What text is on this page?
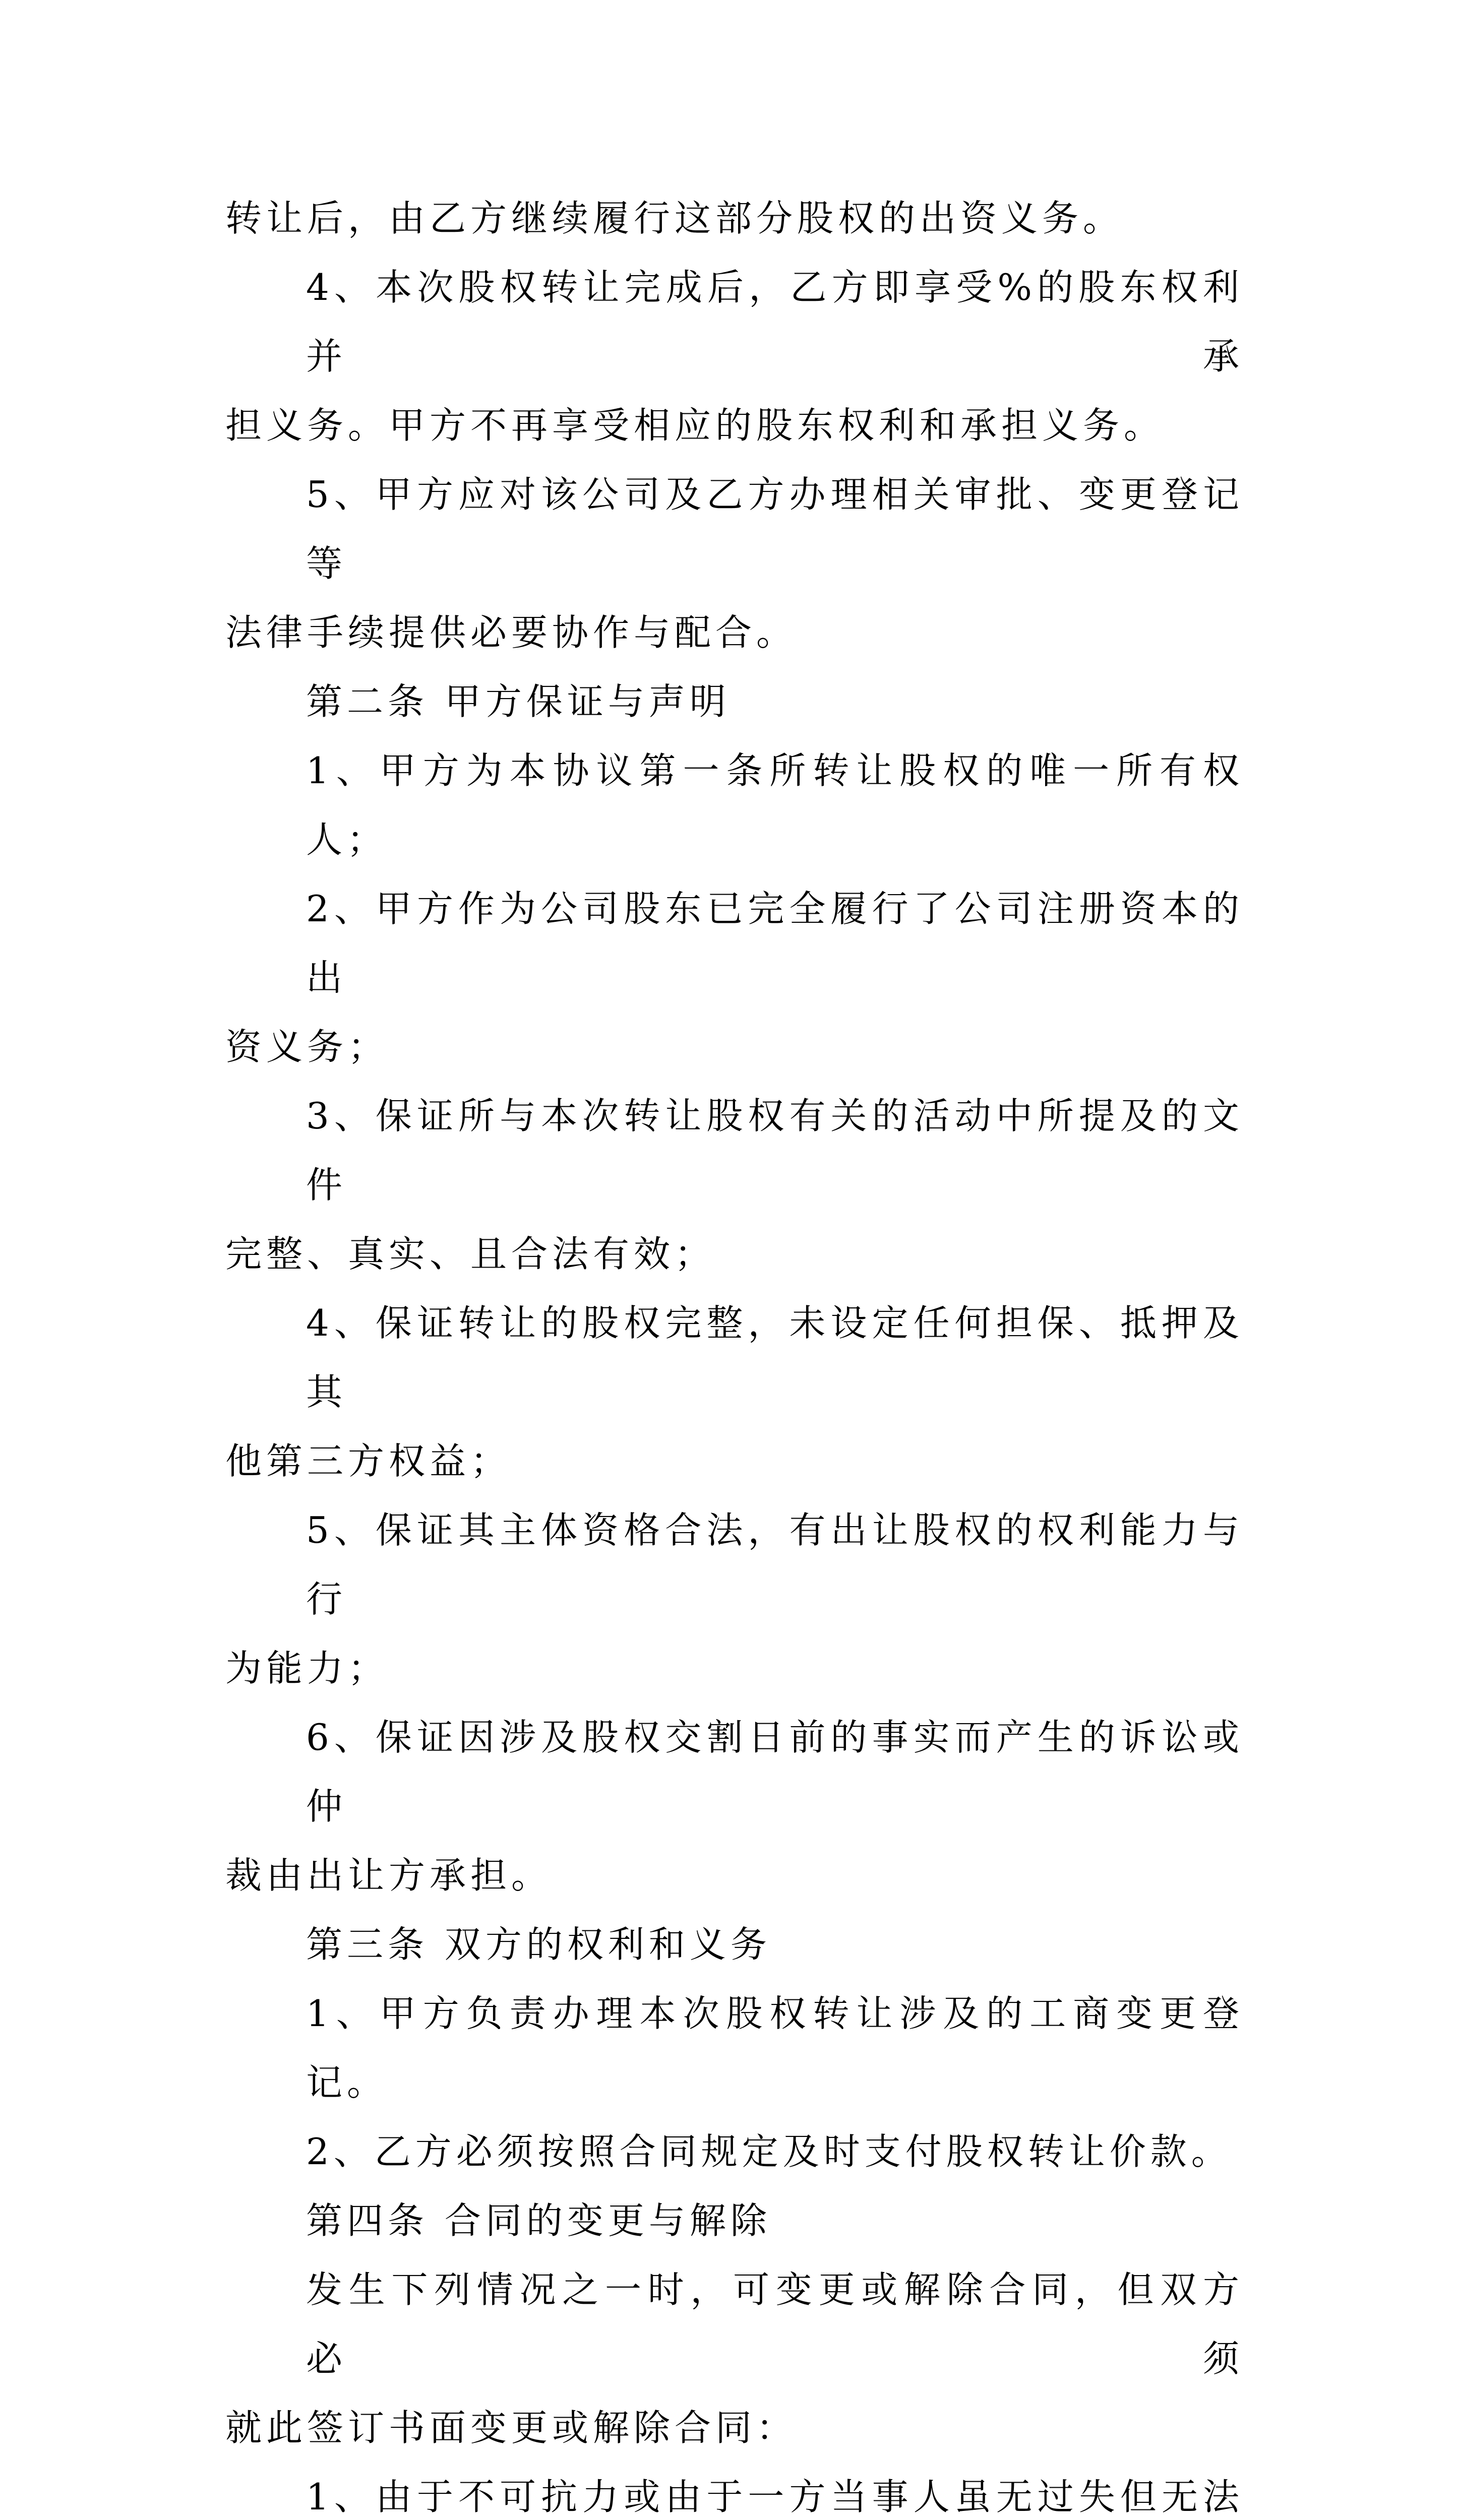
转让后，由乙方继续履行这部分股权的出资义务。

4、本次股权转让完成后，乙方即享受%的股东权利并承
担义务。甲方不再享受相应的股东权利和承担义务。

5、甲方应对该公司及乙方办理相关审批、变更登记等
法律手续提供必要协作与配合。

第二条 甲方保证与声明

1、甲方为本协议第一条所转让股权的唯一所有权人；

2、甲方作为公司股东已完全履行了公司注册资本的出
资义务；

3、保证所与本次转让股权有关的活动中所提及的文件
完整、真实、且合法有效；

4、保证转让的股权完整，未设定任何担保、抵押及其
他第三方权益；

5、保证其主体资格合法，有出让股权的权利能力与行
为能力；

6、保证因涉及股权交割日前的事实而产生的诉讼或仲
裁由出让方承担。

第三条 双方的权利和义务

1、甲方负责办理本次股权转让涉及的工商变更登记。

2、乙方必须按照合同规定及时支付股权转让价款。

第四条 合同的变更与解除

发生下列情况之一时，可变更或解除合同，但双方必须
就此签订书面变更或解除合同：

1、由于不可抗力或由于一方当事人虽无过失但无法
